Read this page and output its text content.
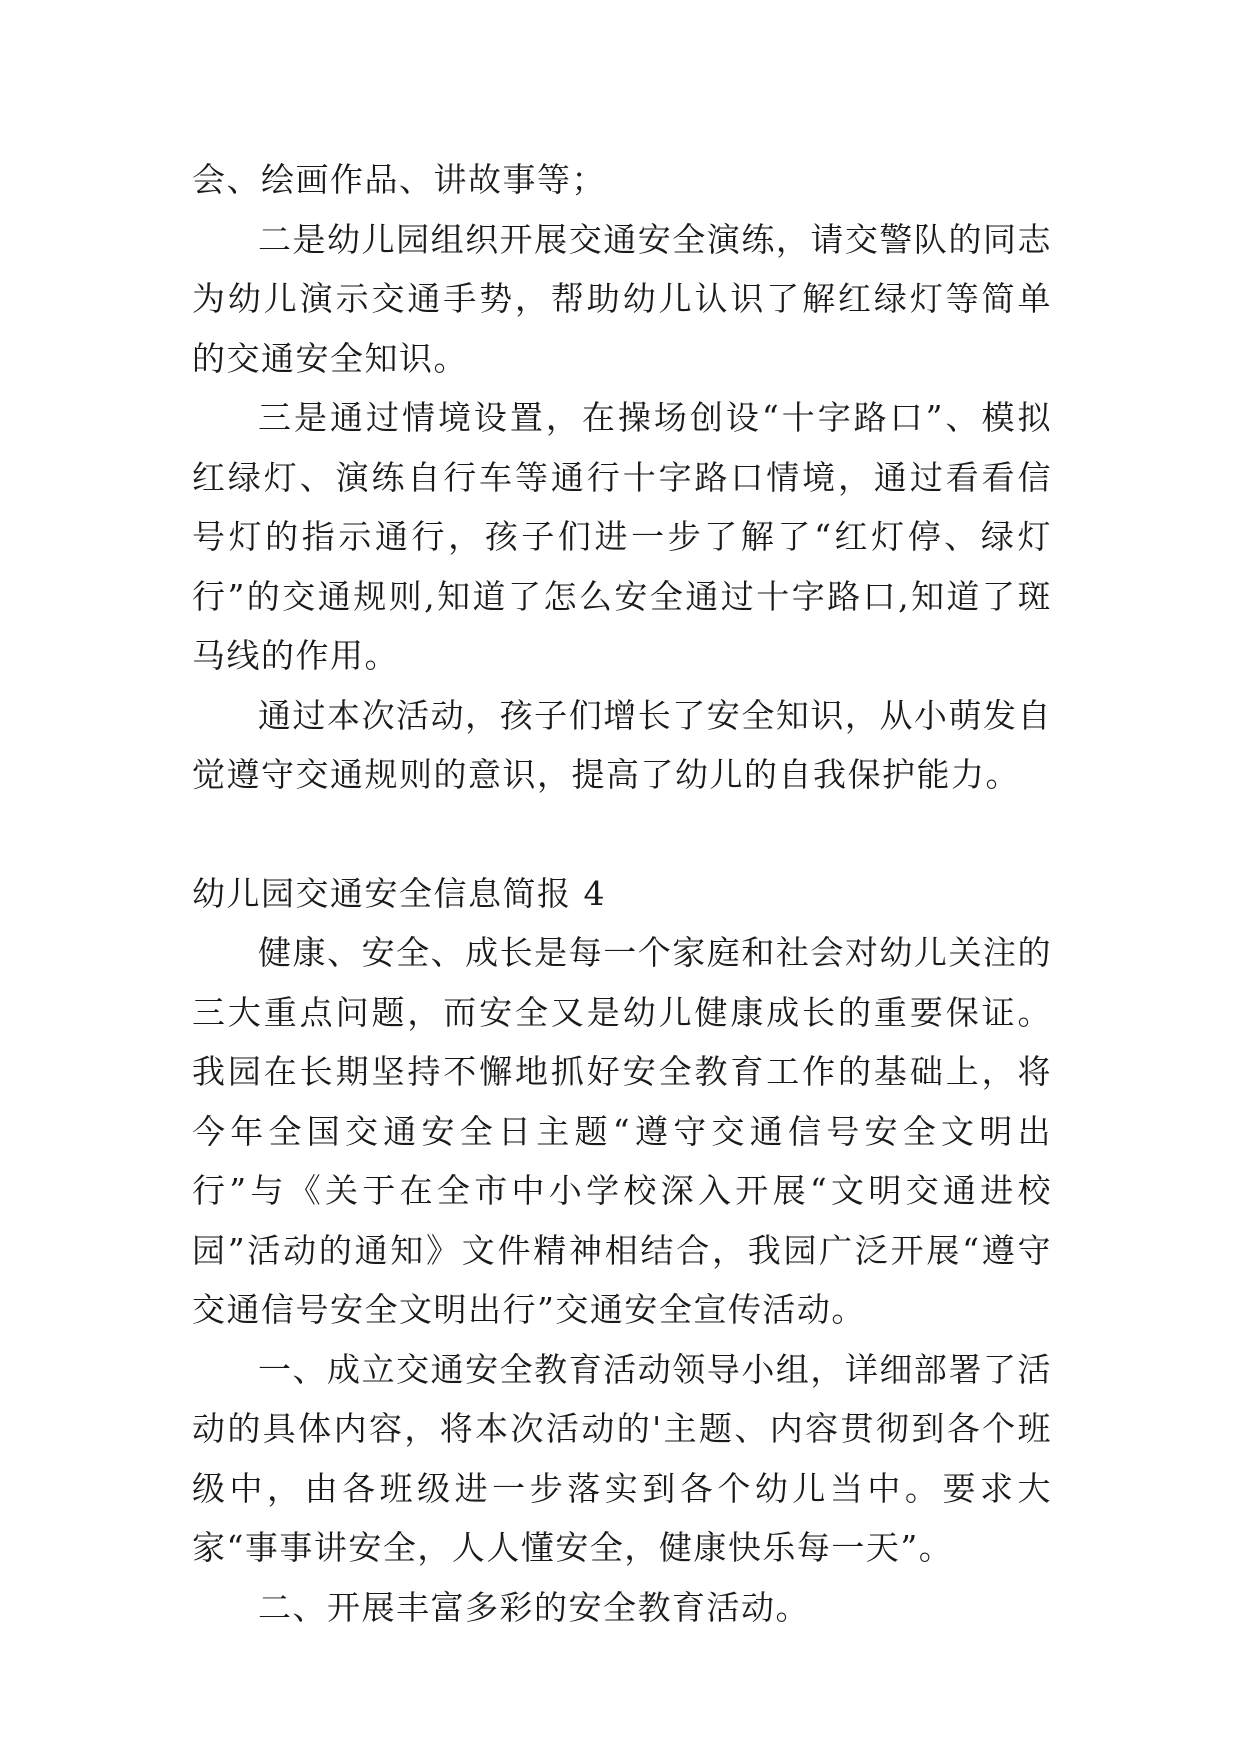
会、绘画作品、讲故事等；

二是幼儿园组织开展交通安全演练，请交警队的同志为幼儿演示交通手势，帮助幼儿认识了解红绿灯等简单的交通安全知识。

三是通过情境设置，在操场创设“十字路口”、模拟红绿灯、演练自行车等通行十字路口情境，通过看看信号灯的指示通行，孩子们进一步了解了“红灯停、绿灯行”的交通规则,知道了怎么安全通过十字路口,知道了斑马线的作用。

通过本次活动，孩子们增长了安全知识，从小萌发自觉遵守交通规则的意识，提高了幼儿的自我保护能力。

幼儿园交通安全信息简报 4

健康、安全、成长是每一个家庭和社会对幼儿关注的三大重点问题，而安全又是幼儿健康成长的重要保证。我园在长期坚持不懈地抓好安全教育工作的基础上，将今年全国交通安全日主题“遵守交通信号安全文明出行”与《关于在全市中小学校深入开展“文明交通进校园”活动的通知》文件精神相结合，我园广泛开展“遵守交通信号安全文明出行”交通安全宣传活动。

一、成立交通安全教育活动领导小组，详细部署了活动的具体内容，将本次活动的'主题、内容贯彻到各个班级中，由各班级进一步落实到各个幼儿当中。要求大家“事事讲安全，人人懂安全，健康快乐每一天”。

二、开展丰富多彩的安全教育活动。
